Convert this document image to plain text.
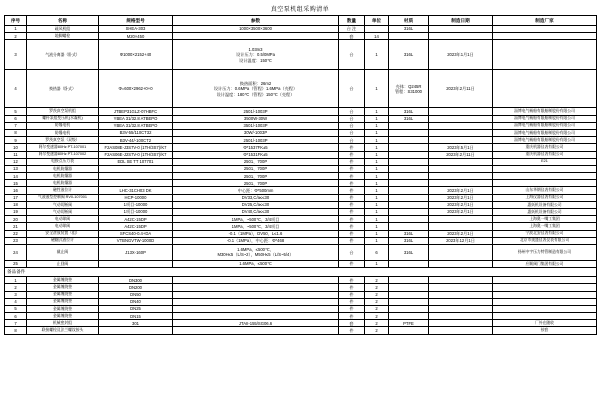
真空泵机组采购清单
序号	名称	规格型号	参数	数量	单位	材质	制造日期	制造厂家
1	疏风机组	SHEA-303	1000×3500×3600	台 注		316L		
2	地脚螺栓	M20×450		套	14			
3	气液分离器（卧式）	Φ1000×2152+40	1.03m3
设计压力：0.5/0MPa
设计温度：150℃	台	1	316L	2023年1月1日	
4	换热器（卧式）	Φ=600×2962+0+0	换热面积：26m2
设计压力：0.6MPa（管程）1.6MPa（壳程）
设计温度：180℃（管程）150℃（壳程）	台	1	壳体：Q245R
管程：S31000	2023年2月11日	
5	罗茨真空泵机组	JTBEP31GLZ-07HBFC	2501/-1003P	台	1	316L		淄博电气械船有限船制股份有限公司
6	螺杆泵组变压机(水凝机)	YBEA 31/32.8 ATBEPO	3500W-30W	台	1	316L		淄博电气械船有限船制股份有限公司
7	防爆电机	YBEA 31/32.8 ATBEPO	3501/-1003P	台	1			淄博电气械船有限船制股份有限公司
8	防爆电机	B3V-55/110CT32	30W/-1003P	台	1			淄博电气械船有限船制股份有限公司
9	罗茨真空泵（双级）	B3V-44/-100CT2	2501/-1003P	台	1			淄博电气械船有限船制股份有限公司
10	阿尔变速器80Hz PT-107001	F2AS08E-J3S7V-0 (1TH/3S7)/K7	Φ*1537FK±5	件	1		2023年5月1日	重庆机器仪表有限公司
11	阿尔变速器80Hz PT-107002	F2AS06E-J2S7V-0 (1TH/3S7)/K7	Φ*1531FK±5	件	1		2023年2月11日	重庆机器仪表有限公司
12	电接点压力表	EDL SE TT 107701	2501、700P	件	1			E21
13	电机防爆器		2501、700P	件	1			
14	电机防爆器		2501、700P	件	1			
15	电机防爆器		2501、700P	件	1			
16	磁性液位计	LHC-31CH03 DK	中心距：Φ*500mm	件	1		2023年2月1日	山东华钢仪表有限公司
17	气液液型控制阀 RV0-107001	HCP-10000	DV33,C/a≤≤30	件	1		2023年2月1日	上海仪器仪表有限公司
18	气动切断阀	1项目-10000	DV25,C/a≤≤30	件	1		2023年2月1日	惠妖机设备有限公司
19	气动切断阀	1项目-10000	DV40,C/a≤≤30	件	1		2023年2月1日	惠妖机设备有限公司
20	电动球阀	A42C-15DP	1MPa、~500℃、3/4项目	件	1			上海奥一嘴工集团
21	电动球阀	A42C-15DP	1MPa、~500℃、3/4项目	件	1			上海奥一嘴工集团
22	安全泄放装置（组）	SFCS40-0.4+DA	-0.1（1MPa），DV50、L≤1.6	件	1	316L	2023年2月1日	宁波北安仪表有限公司
23	磁翻式液位计	VTBNGVTW-1000D	-0.1（1MPa），中心距：Φ*468	件	1	316L	2023年12月1日	北京市奥盛仪表仪表有限公司
24	截止阀	J13X-160P	1.6MPa，≤500℃、
M30H≤5（L/S~2），M50H≤5（L/S~5/4）	台	6	316L		扬州中宇压力特管制造有限公司
25	止回阀		1.6MPa，≤500℃	件	1			应顺阀门集团有限公司
备品备件								
1	金属缠绕垫	DN300		件	2			
2	金属缠绕垫	DN200		件	2			
3	金属缠绕垫	DN50		件	2			
4	金属缠绕垫	DN40		件	2			
5	金属缠绕垫	DN25		件	2			
6	金属缠绕垫	DN15		件	2			
7	机械密封组	301	JTAII-155/SG06.6	套	2	PTFE		厂外在随收
8	联接螺栓及法兰螺纹接头			件	2			按套
